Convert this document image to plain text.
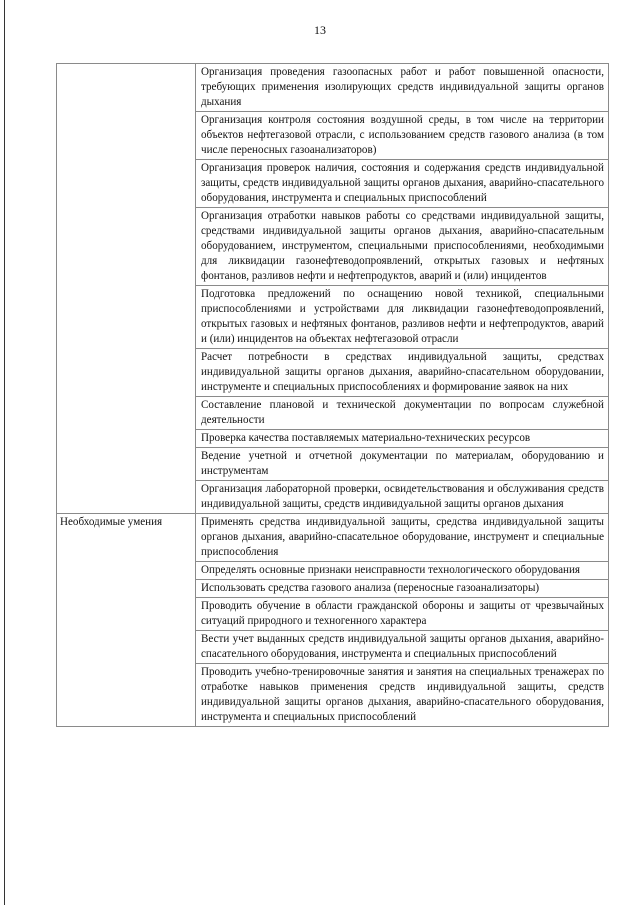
13
	Организация проведения газоопасных работ и работ повышенной опасности, требующих применения изолирующих средств индивидуальной защиты органов дыхания
	Организация контроля состояния воздушной среды, в том числе на территории объектов нефтегазовой отрасли, с использованием средств газового анализа (в том числе переносных газоанализаторов)
	Организация проверок наличия, состояния и содержания средств индивидуальной защиты, средств индивидуальной защиты органов дыхания, аварийно-спасательного оборудования, инструмента и специальных приспособлений
	Организация отработки навыков работы со средствами индивидуальной защиты, средствами индивидуальной защиты органов дыхания, аварийно-спасательным оборудованием, инструментом, специальными приспособлениями, необходимыми для ликвидации газонефтеводопроявлений, открытых газовых и нефтяных фонтанов, разливов нефти и нефтепродуктов, аварий и (или) инцидентов
	Подготовка предложений по оснащению новой техникой, специальными приспособлениями и устройствами для ликвидации газонефтеводопроявлений, открытых газовых и нефтяных фонтанов, разливов нефти и нефтепродуктов, аварий и (или) инцидентов на объектах нефтегазовой отрасли
	Расчет потребности в средствах индивидуальной защиты, средствах индивидуальной защиты органов дыхания, аварийно-спасательном оборудовании, инструменте и специальных приспособлениях и формирование заявок на них
	Составление плановой и технической документации по вопросам служебной деятельности
	Проверка качества поставляемых материально-технических ресурсов
	Ведение учетной и отчетной документации по материалам, оборудованию и инструментам
	Организация лабораторной проверки, освидетельствования и обслуживания средств индивидуальной защиты, средств индивидуальной защиты органов дыхания
Необходимые умения	Применять средства индивидуальной защиты, средства индивидуальной защиты органов дыхания, аварийно-спасательное оборудование, инструмент и специальные приспособления
	Определять основные признаки неисправности технологического оборудования
	Использовать средства газового анализа (переносные газоанализаторы)
	Проводить обучение в области гражданской обороны и защиты от чрезвычайных ситуаций природного и техногенного характера
	Вести учет выданных средств индивидуальной защиты органов дыхания, аварийно-спасательного оборудования, инструмента и специальных приспособлений
	Проводить учебно-тренировочные занятия и занятия на специальных тренажерах по отработке навыков применения средств индивидуальной защиты, средств индивидуальной защиты органов дыхания, аварийно-спасательного оборудования, инструмента и специальных приспособлений
